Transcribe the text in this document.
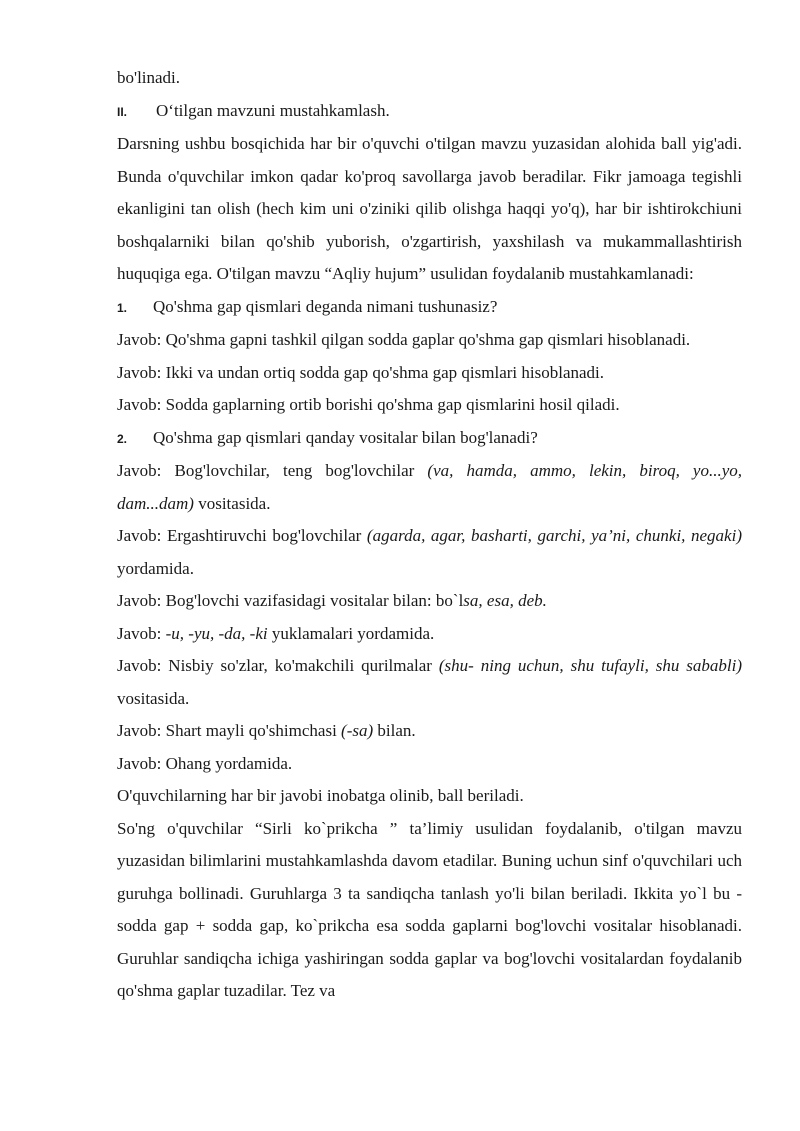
bo'linadi.

II. O‘tilgan mavzuni mustahkamlash.

Darsning ushbu bosqichida har bir o'quvchi o'tilgan mavzu yuzasidan alohida ball yig'adi. Bunda o'quvchilar imkon qadar ko'proq savollarga javob beradilar. Fikr jamoaga tegishli ekanligini tan olish (hech kim uni o'ziniki qilib olishga haqqi yo'q), har bir ishtirokchiuni boshqalarniki bilan qo'shib yuborish, o'zgartirish, yaxshilash va mukammallashtirish huquqiga ega. O'tilgan mavzu “Aqliy hujum” usulidan foydalanib mustahkamlanadi:

1. Qo'shma gap qismlari deganda nimani tushunasiz?

Javob: Qo'shma gapni tashkil qilgan sodda gaplar qo'shma gap qismlari hisoblanadi.

Javob: Ikki va undan ortiq sodda gap qo'shma gap qismlari hisoblanadi.

Javob: Sodda gaplarning ortib borishi qo'shma gap qismlarini hosil qiladi.

2. Qo'shma gap qismlari qanday vositalar bilan bog'lanadi?

Javob: Bog'lovchilar, teng bog'lovchilar (va, hamda, ammo, lekin, biroq, yo...yo, dam...dam) vositasida.

Javob: Ergashtiruvchi bog'lovchilar (agarda, agar, basharti, garchi, ya’ni, chunki, negaki) yordamida.

Javob: Bog'lovchi vazifasidagi vositalar bilan: bo`lsa, esa, deb.

Javob: -u, -yu, -da, -ki yuklamalari yordamida.

Javob: Nisbiy so'zlar, ko'makchili qurilmalar (shu- ning uchun, shu tufayli, shu sababli) vositasida.

Javob: Shart mayli qo'shimchasi (-sa) bilan.

Javob: Ohang yordamida.

O'quvchilarning har bir javobi inobatga olinib, ball beriladi.

So'ng o'quvchilar “Sirli ko`prikcha ” ta’limiy usulidan foydalanib, o'tilgan mavzu yuzasidan bilimlarini mustahkamlashda davom etadilar. Buning uchun sinf o'quvchilari uch guruhga bollinadi. Guruhlarga 3 ta sandiqcha tanlash yo'li bilan beriladi. Ikkita yo`l bu - sodda gap + sodda gap, ko`prikcha esa sodda gaplarni bog'lovchi vositalar hisoblanadi. Guruhlar sandiqcha ichiga yashiringan sodda gaplar va bog'lovchi vositalardan foydalanib qo'shma gaplar tuzadilar. Tez va
